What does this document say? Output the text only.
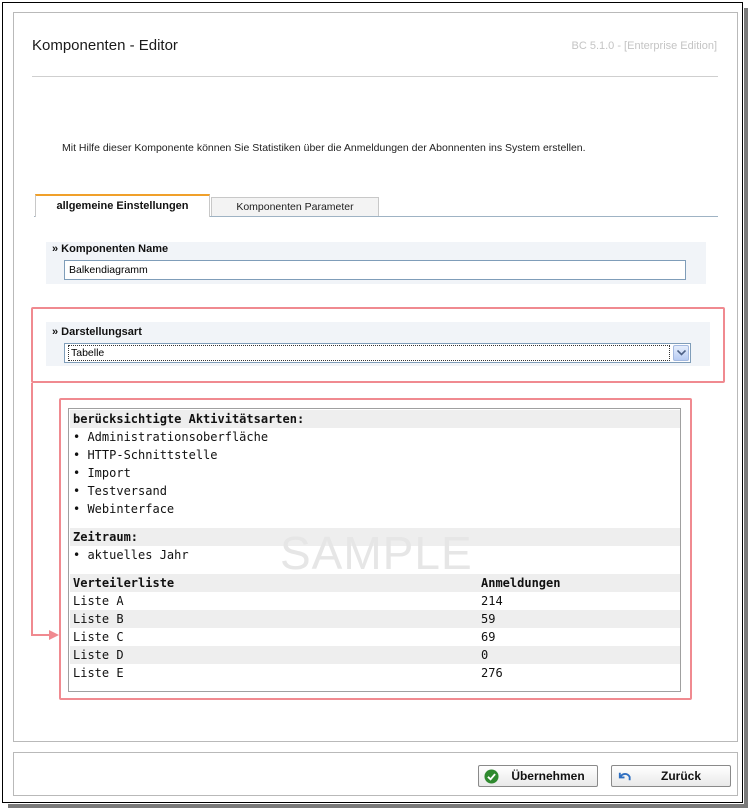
Komponenten - Editor	BC 5.1.0 - [Enterprise Edition]
Mit Hilfe dieser Komponente können Sie Statistiken über die Anmeldungen der Abonnenten ins System erstellen.
allgemeine Einstellungen	Komponenten Parameter
» Komponenten Name
Balkendiagramm
» Darstellungsart
Tabelle
berücksichtigte Aktivitätsarten:
• Administrationsoberfläche
• HTTP-Schnittstelle
• Import
• Testversand
• Webinterface
Zeitraum:
• aktuelles Jahr
Verteilerliste	Anmeldungen
Liste A	214
Liste B	59
Liste C	69
Liste D	0
Liste E	276
SAMPLE
Übernehmen	Zurück
